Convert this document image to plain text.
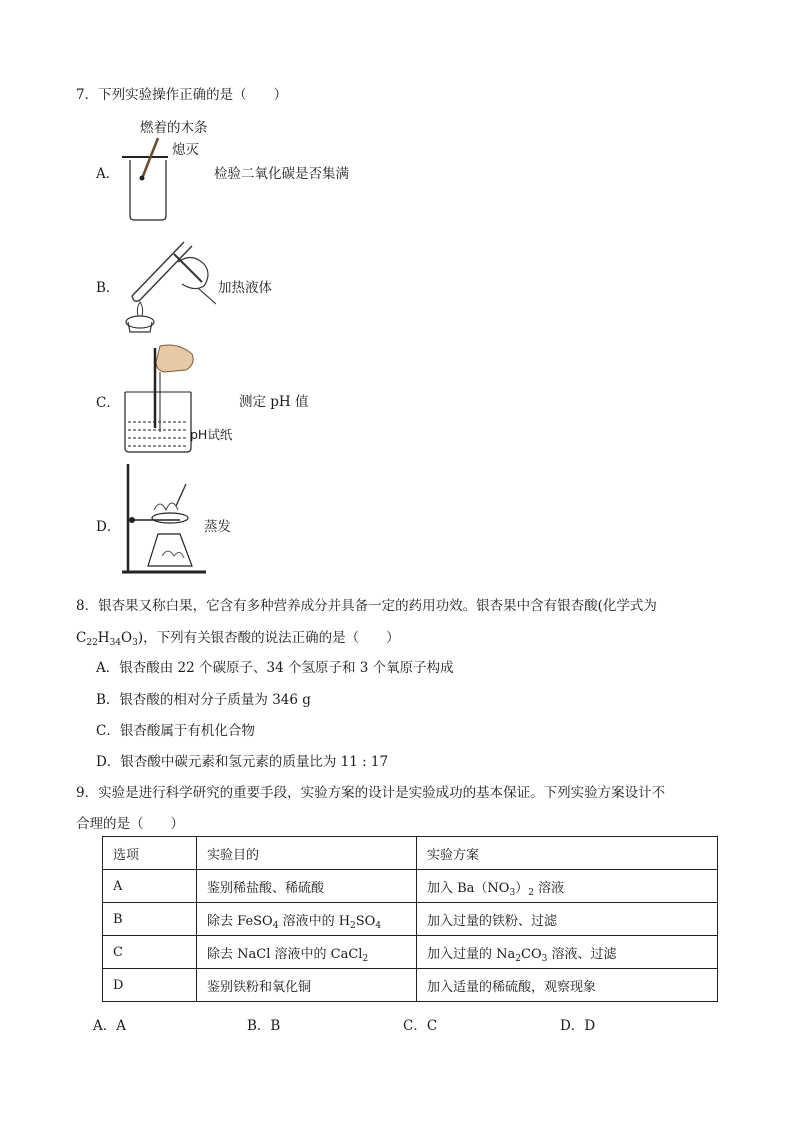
7．下列实验操作正确的是（　　）
燃着的木条
熄灭
A．	检验二氧化碳是否集满
B．	加热液体
C．	测定 pH 值
pH试纸
D．	蒸发
8．银杏果又称白果，它含有多种营养成分并具备一定的药用功效。银杏果中含有银杏酸(化学式为
$C_{22}H_{34}O_3$)，下列有关银杏酸的说法正确的是（　　）
A．银杏酸由 22 个碳原子、34 个氢原子和 3 个氧原子构成
B．银杏酸的相对分子质量为 346 g
C．银杏酸属于有机化合物
D．银杏酸中碳元素和氢元素的质量比为 11 : 17
9．实验是进行科学研究的重要手段，实验方案的设计是实验成功的基本保证。下列实验方案设计不
合理的是（　　）
选项	实验目的	实验方案
A	鉴别稀盐酸、稀硫酸	加入 $Ba(NO_3)_2$ 溶液
B	除去 FeSO$_4$ 溶液中的 $H_2SO_4$	加入过量的铁粉、过滤
C	除去 NaCl 溶液中的 CaCl$_2$	加入过量的 $Na_2CO_3$ 溶液、过滤
D	鉴别铁粉和氧化铜	加入适量的稀硫酸，观察现象
A．A	B．B	C．C	D．D
